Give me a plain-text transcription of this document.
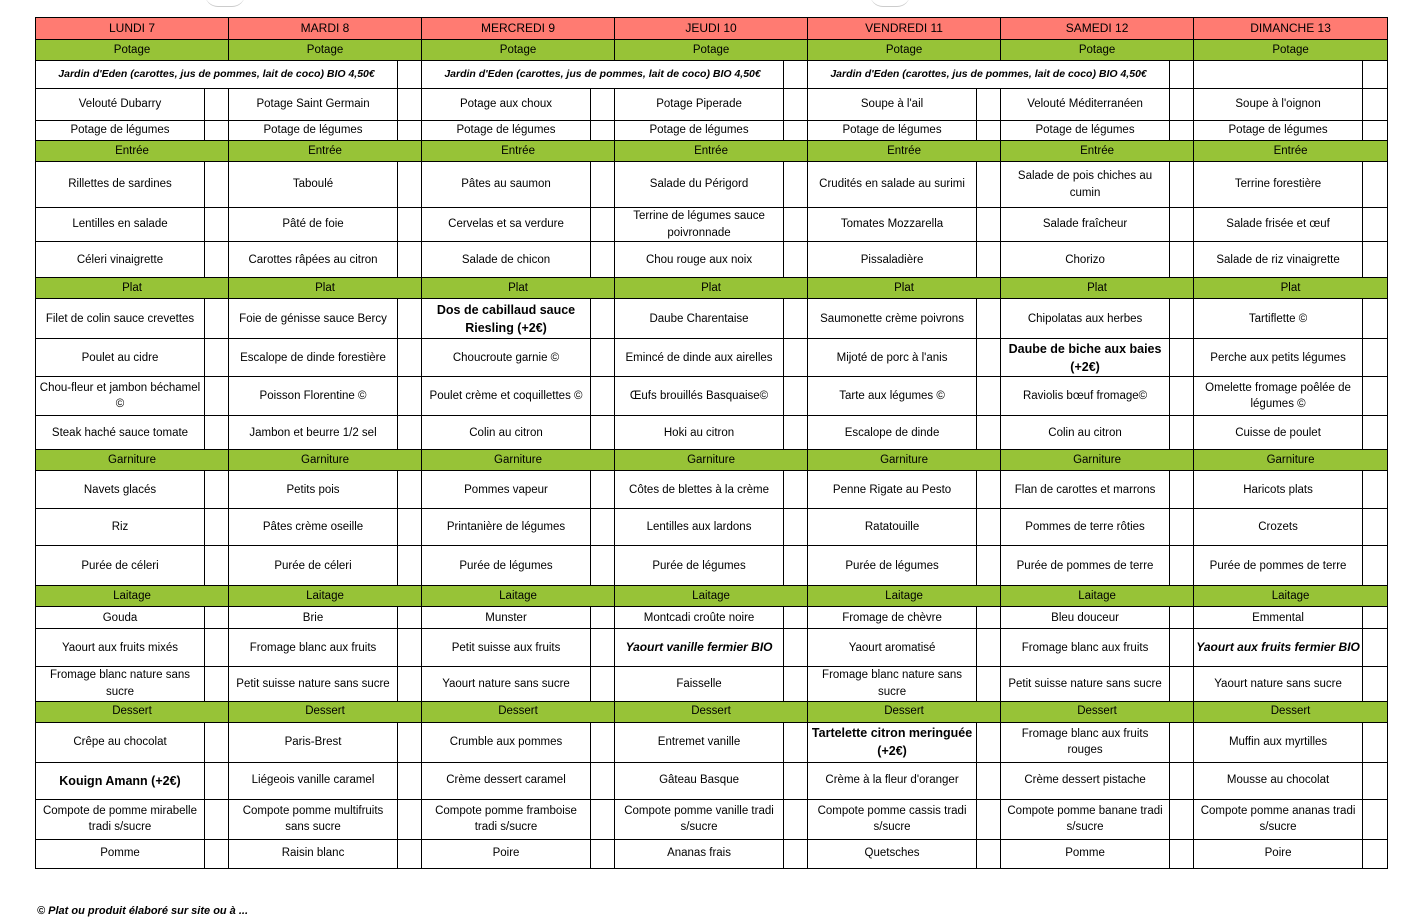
LUNDI 7		MARDI 8		MERCREDI 9		JEUDI 10		VENDREDI 11		SAMEDI 12		DIMANCHE 13	
Potage		Potage		Potage		Potage		Potage		Potage		Potage	
Jardin d'Eden (carottes, jus de pommes, lait de coco) BIO 4,50€				Jardin d'Eden (carottes, jus de pommes, lait de coco) BIO 4,50€				Jardin d'Eden (carottes, jus de pommes, lait de coco) BIO 4,50€					
Velouté Dubarry		Potage Saint Germain		Potage aux choux		Potage Piperade		Soupe à l'ail		Velouté Méditerranéen		Soupe à l'oignon	
Potage de légumes		Potage de légumes		Potage de légumes		Potage de légumes		Potage de légumes		Potage de légumes		Potage de légumes	
Entrée		Entrée		Entrée		Entrée		Entrée		Entrée		Entrée	
Rillettes de sardines		Taboulé		Pâtes au saumon		Salade du Périgord		Crudités en salade au surimi		Salade de pois chiches au cumin		Terrine forestière	
Lentilles en salade		Pâté de foie		Cervelas et sa verdure		Terrine de légumes sauce poivronnade		Tomates Mozzarella		Salade fraîcheur		Salade frisée et œuf	
Céleri vinaigrette		Carottes râpées au citron		Salade de chicon		Chou rouge aux noix		Pissaladière		Chorizo		Salade de riz vinaigrette	
Plat		Plat		Plat		Plat		Plat		Plat		Plat	
Filet de colin sauce crevettes		Foie de génisse sauce Bercy		Dos de cabillaud sauce Riesling (+2€)		Daube Charentaise		Saumonette crème poivrons		Chipolatas aux herbes		Tartiflette ©	
Poulet au cidre		Escalope de dinde forestière		Choucroute garnie ©		Emincé de dinde aux airelles		Mijoté de porc à l'anis		Daube de biche aux baies (+2€)		Perche aux petits légumes	
Chou-fleur et jambon béchamel ©		Poisson Florentine ©		Poulet crème et coquillettes ©		Œufs brouillés Basquaise©		Tarte aux légumes ©		Raviolis bœuf fromage©		Omelette fromage poêlée de légumes ©	
Steak haché sauce tomate		Jambon et beurre 1/2 sel		Colin au citron		Hoki au citron		Escalope de dinde		Colin au citron		Cuisse de poulet	
Garniture		Garniture		Garniture		Garniture		Garniture		Garniture		Garniture	
Navets glacés		Petits pois		Pommes vapeur		Côtes de blettes à la crème		Penne Rigate au Pesto		Flan de carottes et marrons		Haricots plats	
Riz		Pâtes crème oseille		Printanière de légumes		Lentilles aux lardons		Ratatouille		Pommes de terre rôties		Crozets	
Purée de céleri		Purée de céleri		Purée de légumes		Purée de légumes		Purée de légumes		Purée de pommes de terre		Purée de pommes de terre	
Laitage		Laitage		Laitage		Laitage		Laitage		Laitage		Laitage	
Gouda		Brie		Munster		Montcadi croûte noire		Fromage de chèvre		Bleu douceur		Emmental	
Yaourt aux fruits mixés		Fromage blanc aux fruits		Petit suisse aux fruits		Yaourt vanille fermier BIO		Yaourt aromatisé		Fromage blanc aux fruits		Yaourt aux fruits fermier BIO	
Fromage blanc nature sans sucre		Petit suisse nature sans sucre		Yaourt nature sans sucre		Faisselle		Fromage blanc nature sans sucre		Petit suisse nature sans sucre		Yaourt nature sans sucre	
Dessert		Dessert		Dessert		Dessert		Dessert		Dessert		Dessert	
Crêpe au chocolat		Paris-Brest		Crumble aux pommes		Entremet vanille		Tartelette citron meringuée (+2€)		Fromage blanc aux fruits rouges		Muffin aux myrtilles	
Kouign Amann (+2€)		Liégeois vanille caramel		Crème dessert caramel		Gâteau Basque		Crème à la fleur d'oranger		Crème dessert pistache		Mousse au chocolat	
Compote de pomme mirabelle tradi s/sucre		Compote pomme multifruits sans sucre		Compote pomme framboise tradi s/sucre		Compote pomme vanille tradi s/sucre		Compote pomme cassis tradi s/sucre		Compote pomme banane tradi s/sucre		Compote pomme ananas tradi s/sucre	
Pomme		Raisin blanc		Poire		Ananas frais		Quetsches		Pomme		Poire	
© Plat ou produit élaboré sur site ou à ...
